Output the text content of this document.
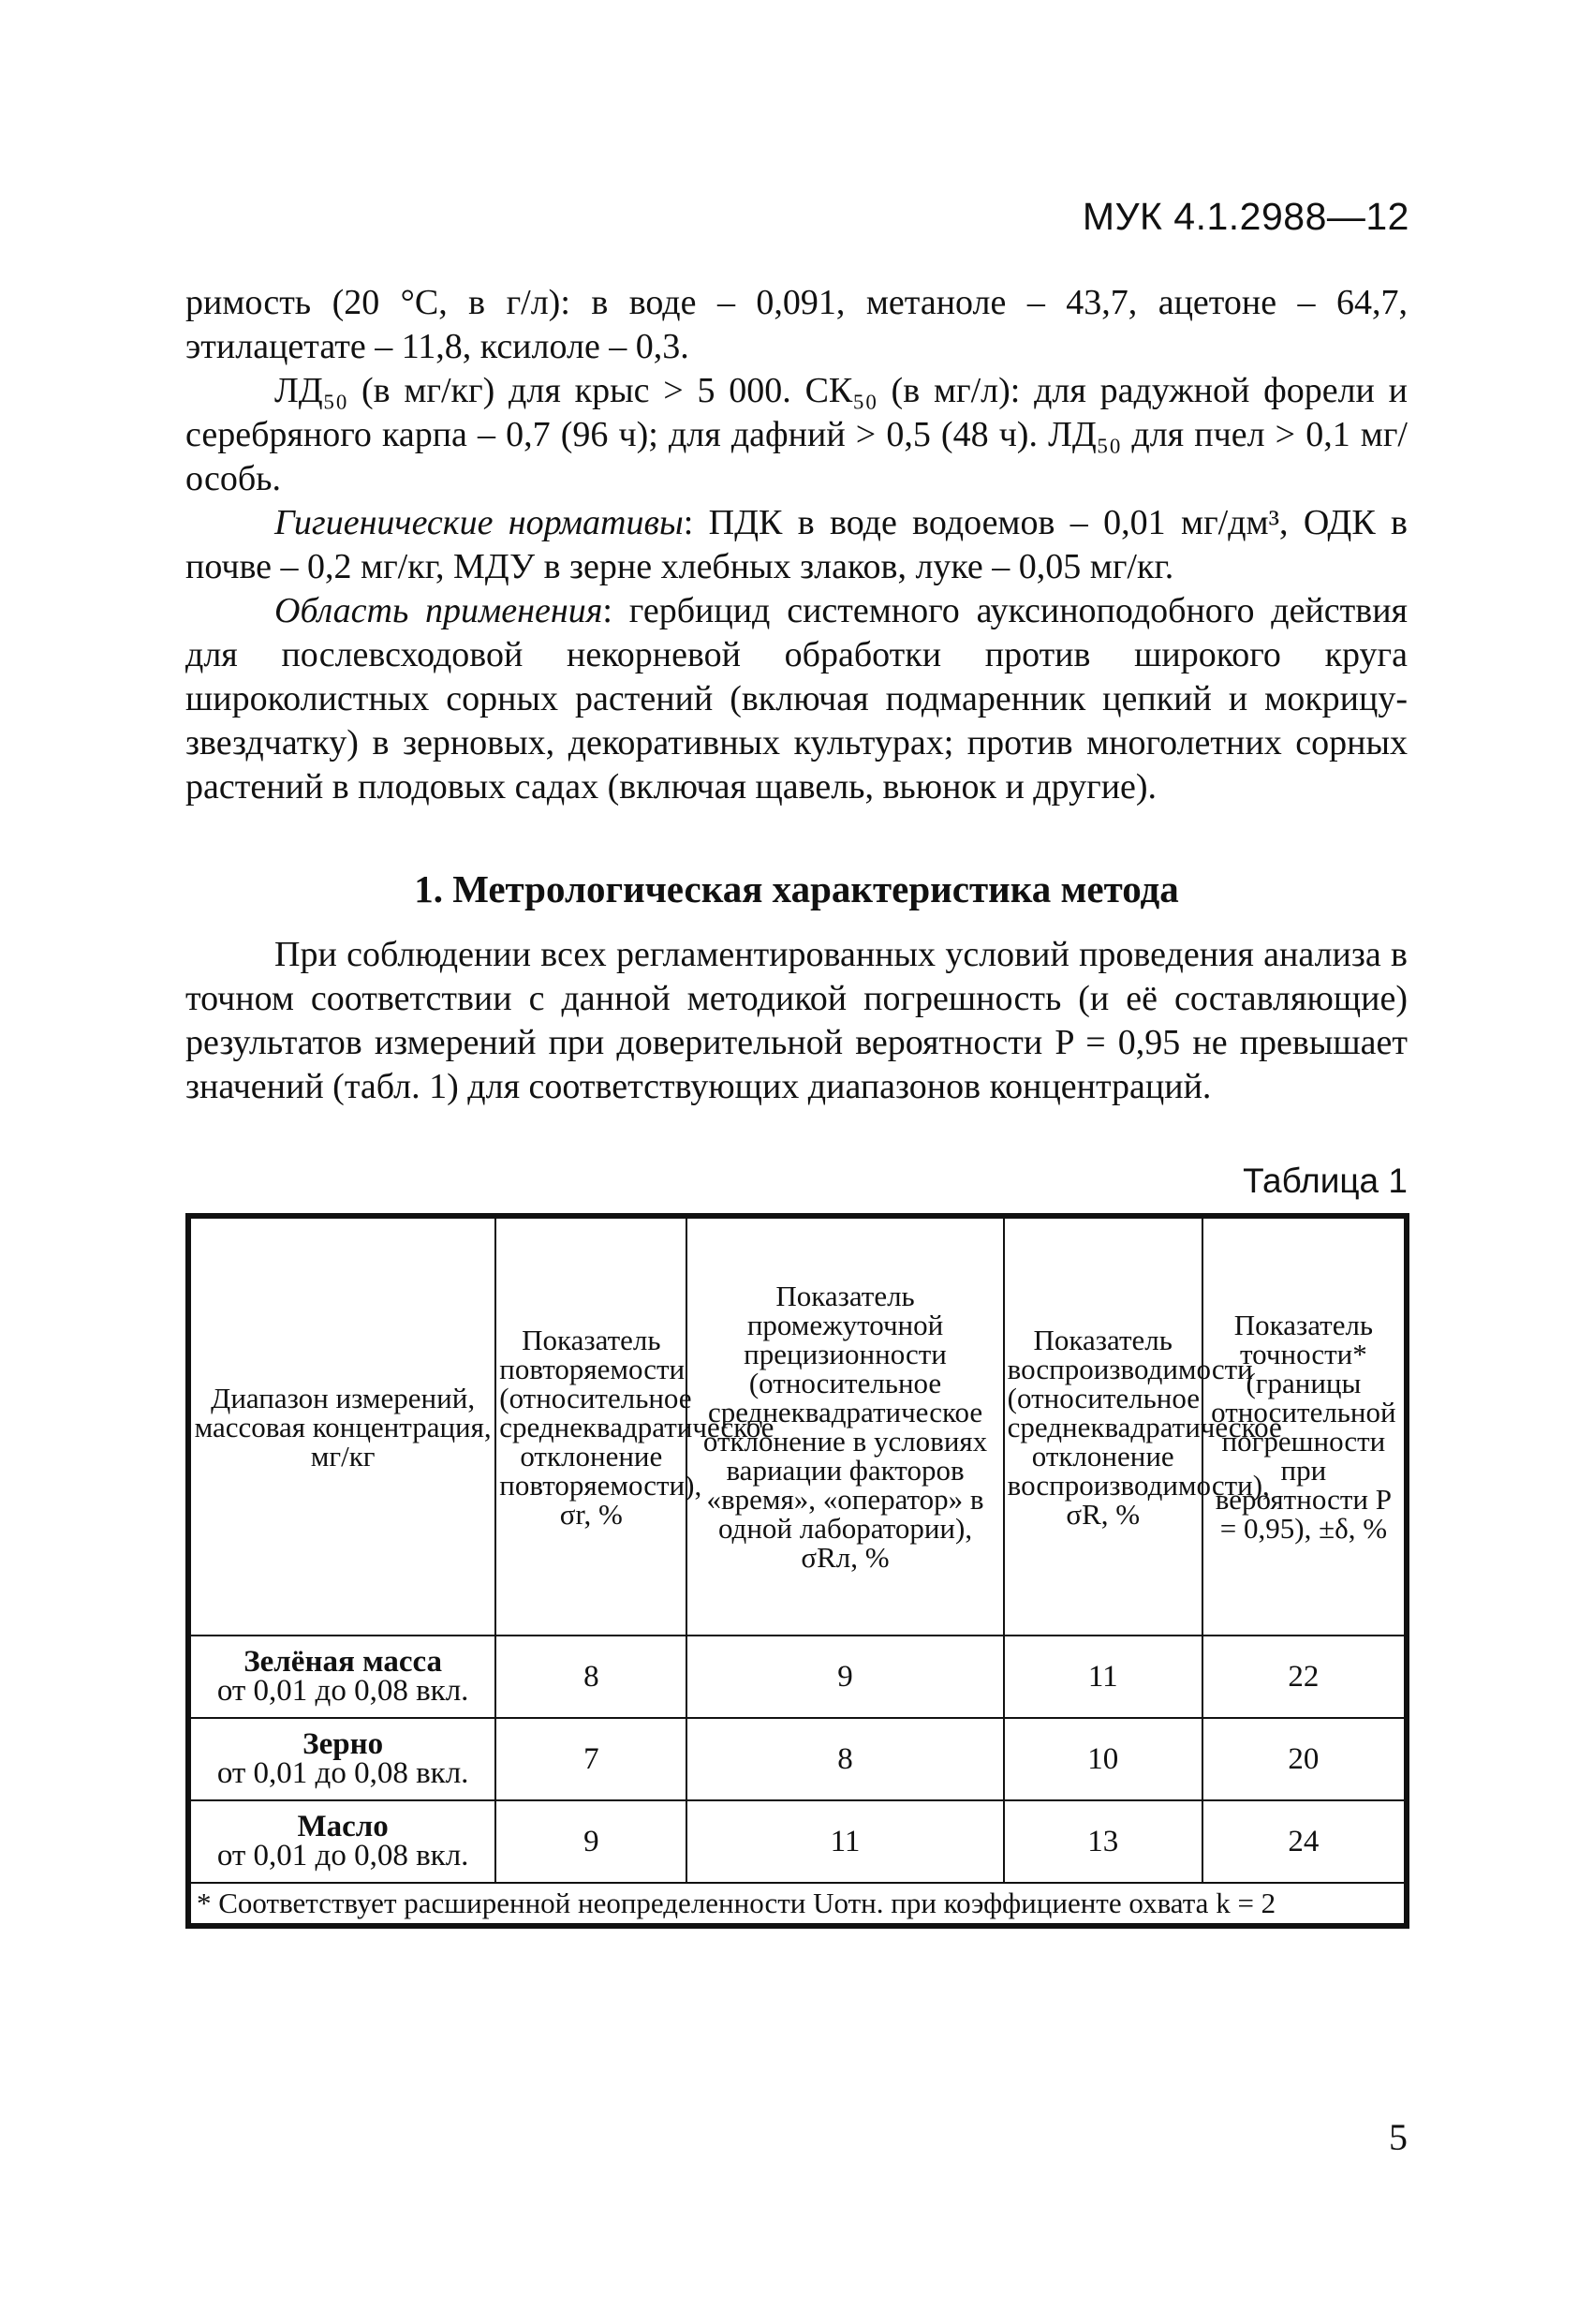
МУК 4.1.2988—12

римость (20 °C, в г/л): в воде – 0,091, метаноле – 43,7, ацетоне – 64,7, этилацетате – 11,8, ксилоле – 0,3.

ЛД₅₀ (в мг/кг) для крыс > 5 000. СК₅₀ (в мг/л): для радужной форели и серебряного карпа – 0,7 (96 ч); для дафний > 0,5 (48 ч). ЛД₅₀ для пчел > 0,1 мг/особь.

Гигиенические нормативы: ПДК в воде водоемов – 0,01 мг/дм³, ОДК в почве – 0,2 мг/кг, МДУ в зерне хлебных злаков, луке – 0,05 мг/кг.

Область применения: гербицид системного ауксиноподобного действия для послевсходовой некорневой обработки против широкого круга широколистных сорных растений (включая подмаренник цепкий и мокрицу-звездчатку) в зерновых, декоративных культурах; против многолетних сорных растений в плодовых садах (включая щавель, вьюнок и другие).

1. Метрологическая характеристика метода

При соблюдении всех регламентированных условий проведения анализа в точном соответствии с данной методикой погрешность (и её составляющие) результатов измерений при доверительной вероятности P = 0,95 не превышает значений (табл. 1) для соответствующих диапазонов концентраций.

Таблица 1
Диапазон измерений, массовая концентрация, мг/кг	Показатель повторяемости (относительное среднеквадратическое отклонение повторяемости), σr, %	Показатель промежуточной прецизионности (относительное среднеквадратическое отклонение в условиях вариации факторов «время», «оператор» в одной лаборатории), σRл, %	Показатель воспроизводимости (относительное среднеквадратическое отклонение воспроизводимости), σR, %	Показатель точности* (границы относительной погрешности при вероятности P = 0,95), ±δ, %

Зелёная масса
от 0,01 до 0,08 вкл.	8	9	11	22

Зерно
от 0,01 до 0,08 вкл.	7	8	10	20

Масло
от 0,01 до 0,08 вкл.	9	11	13	24
* Соответствует расширенной неопределенности Uотн. при коэффициенте охвата k = 2				
5
